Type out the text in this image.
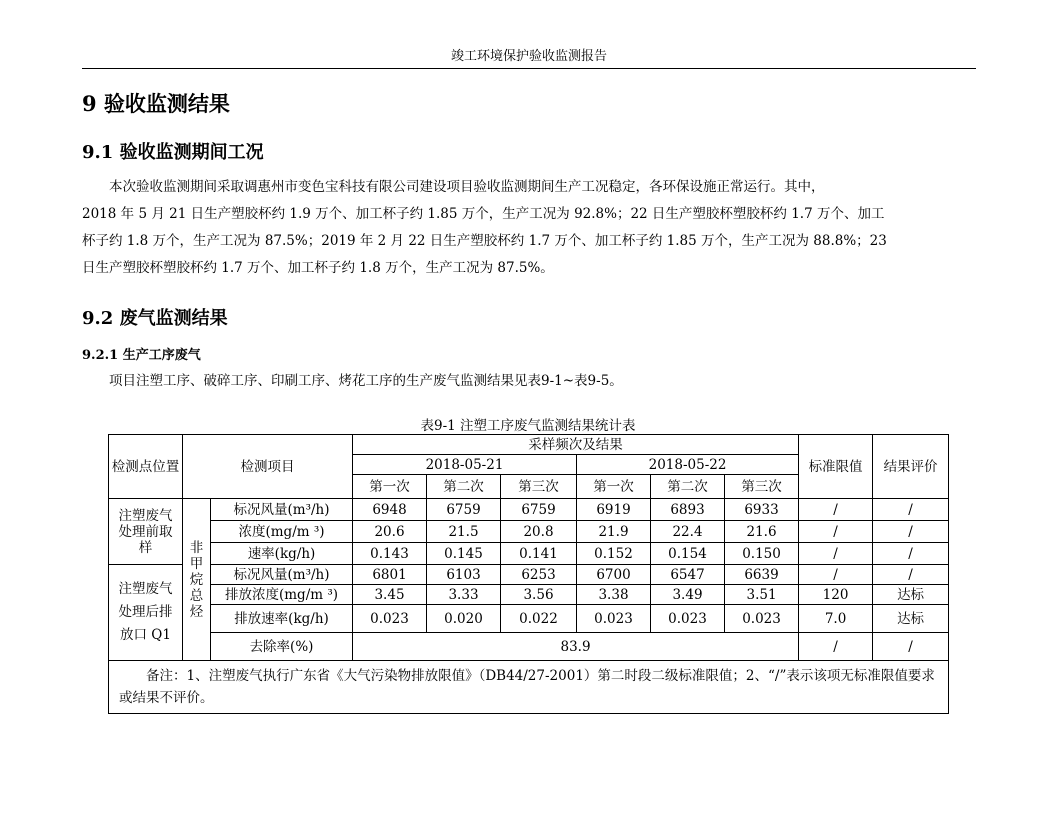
竣工环境保护验收监测报告
9 验收监测结果
9.1 验收监测期间工况
本次验收监测期间采取调惠州市变色宝科技有限公司建设项目验收监测期间生产工况稳定，各环保设施正常运行。其中，
2018 年 5 月 21 日生产塑胶杯约 1.9 万个、加工杯子约 1.85 万个，生产工况为 92.8%；22 日生产塑胶杯塑胶杯约 1.7 万个、加工
杯子约 1.8 万个，生产工况为 87.5%；2019 年 2 月 22 日生产塑胶杯约 1.7 万个、加工杯子约 1.85 万个，生产工况为 88.8%；23
日生产塑胶杯塑胶杯约 1.7 万个、加工杯子约 1.8 万个，生产工况为 87.5%。
9.2 废气监测结果
9.2.1 生产工序废气
项目注塑工序、破碎工序、印刷工序、烤花工序的生产废气监测结果见表9-1~表9-5。
表9-1 注塑工序废气监测结果统计表
检测点位置	检测项目		采样频次及结果						标准限值	结果评价
			2018-05-21			2018-05-22				
			第一次	第二次	第三次	第一次	第二次	第三次		
注塑废气处理前取样	非甲烷总烃	标况风量(m³/h)	6948	6759	6759	6919	6893	6933	/	/
		浓度(mg/m ³)	20.6	21.5	20.8	21.9	22.4	21.6	/	/
		速率(kg/h)	0.143	0.145	0.141	0.152	0.154	0.150	/	/
注塑废气处理后排放口 Q1		标况风量(m³/h)	6801	6103	6253	6700	6547	6639	/	/
		排放浓度(mg/m ³)	3.45	3.33	3.56	3.38	3.49	3.51	120	达标
		排放速率(kg/h)	0.023	0.020	0.022	0.023	0.023	0.023	7.0	达标
		去除率(%)	83.9						/	/
备注：1、注塑废气执行广东省《大气污染物排放限值》（DB44/27-2001）第二时段二级标准限值；2、“/”表示该项无标准限值要求或结果不评价。										
